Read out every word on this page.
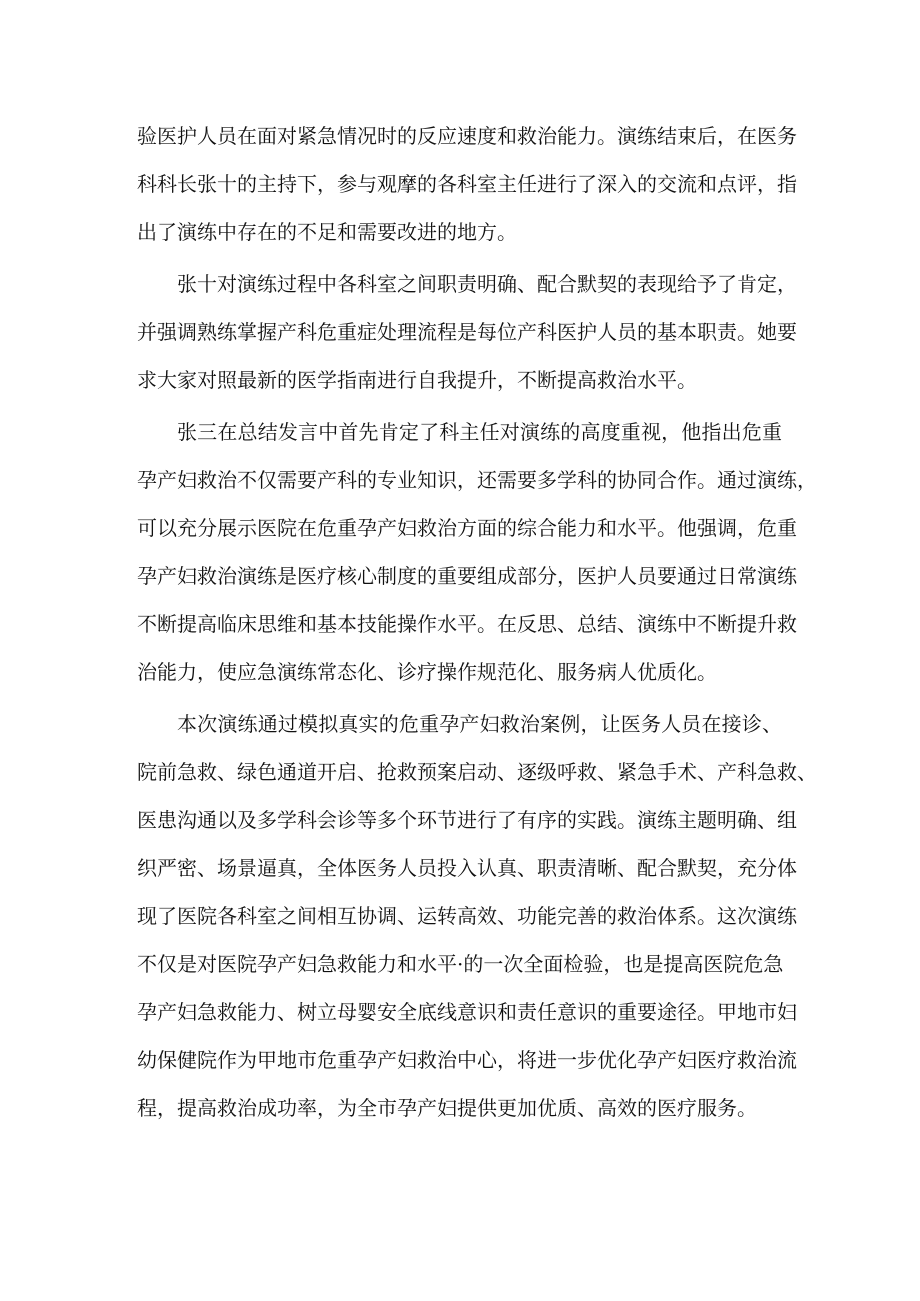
验医护人员在面对紧急情况时的反应速度和救治能力。演练结束后，在医务
科科长张十的主持下，参与观摩的各科室主任进行了深入的交流和点评，指
出了演练中存在的不足和需要改进的地方。

张十对演练过程中各科室之间职责明确、配合默契的表现给予了肯定，
并强调熟练掌握产科危重症处理流程是每位产科医护人员的基本职责。她要
求大家对照最新的医学指南进行自我提升，不断提高救治水平。

张三在总结发言中首先肯定了科主任对演练的高度重视，他指出危重
孕产妇救治不仅需要产科的专业知识，还需要多学科的协同合作。通过演练，
可以充分展示医院在危重孕产妇救治方面的综合能力和水平。他强调，危重
孕产妇救治演练是医疗核心制度的重要组成部分，医护人员要通过日常演练
不断提高临床思维和基本技能操作水平。在反思、总结、演练中不断提升救
治能力，使应急演练常态化、诊疗操作规范化、服务病人优质化。

本次演练通过模拟真实的危重孕产妇救治案例，让医务人员在接诊、
院前急救、绿色通道开启、抢救预案启动、逐级呼救、紧急手术、产科急救、
医患沟通以及多学科会诊等多个环节进行了有序的实践。演练主题明确、组
织严密、场景逼真，全体医务人员投入认真、职责清晰、配合默契，充分体
现了医院各科室之间相互协调、运转高效、功能完善的救治体系。这次演练
不仅是对医院孕产妇急救能力和水平·的一次全面检验，也是提高医院危急
孕产妇急救能力、树立母婴安全底线意识和责任意识的重要途径。甲地市妇
幼保健院作为甲地市危重孕产妇救治中心，将进一步优化孕产妇医疗救治流
程，提高救治成功率，为全市孕产妇提供更加优质、高效的医疗服务。
